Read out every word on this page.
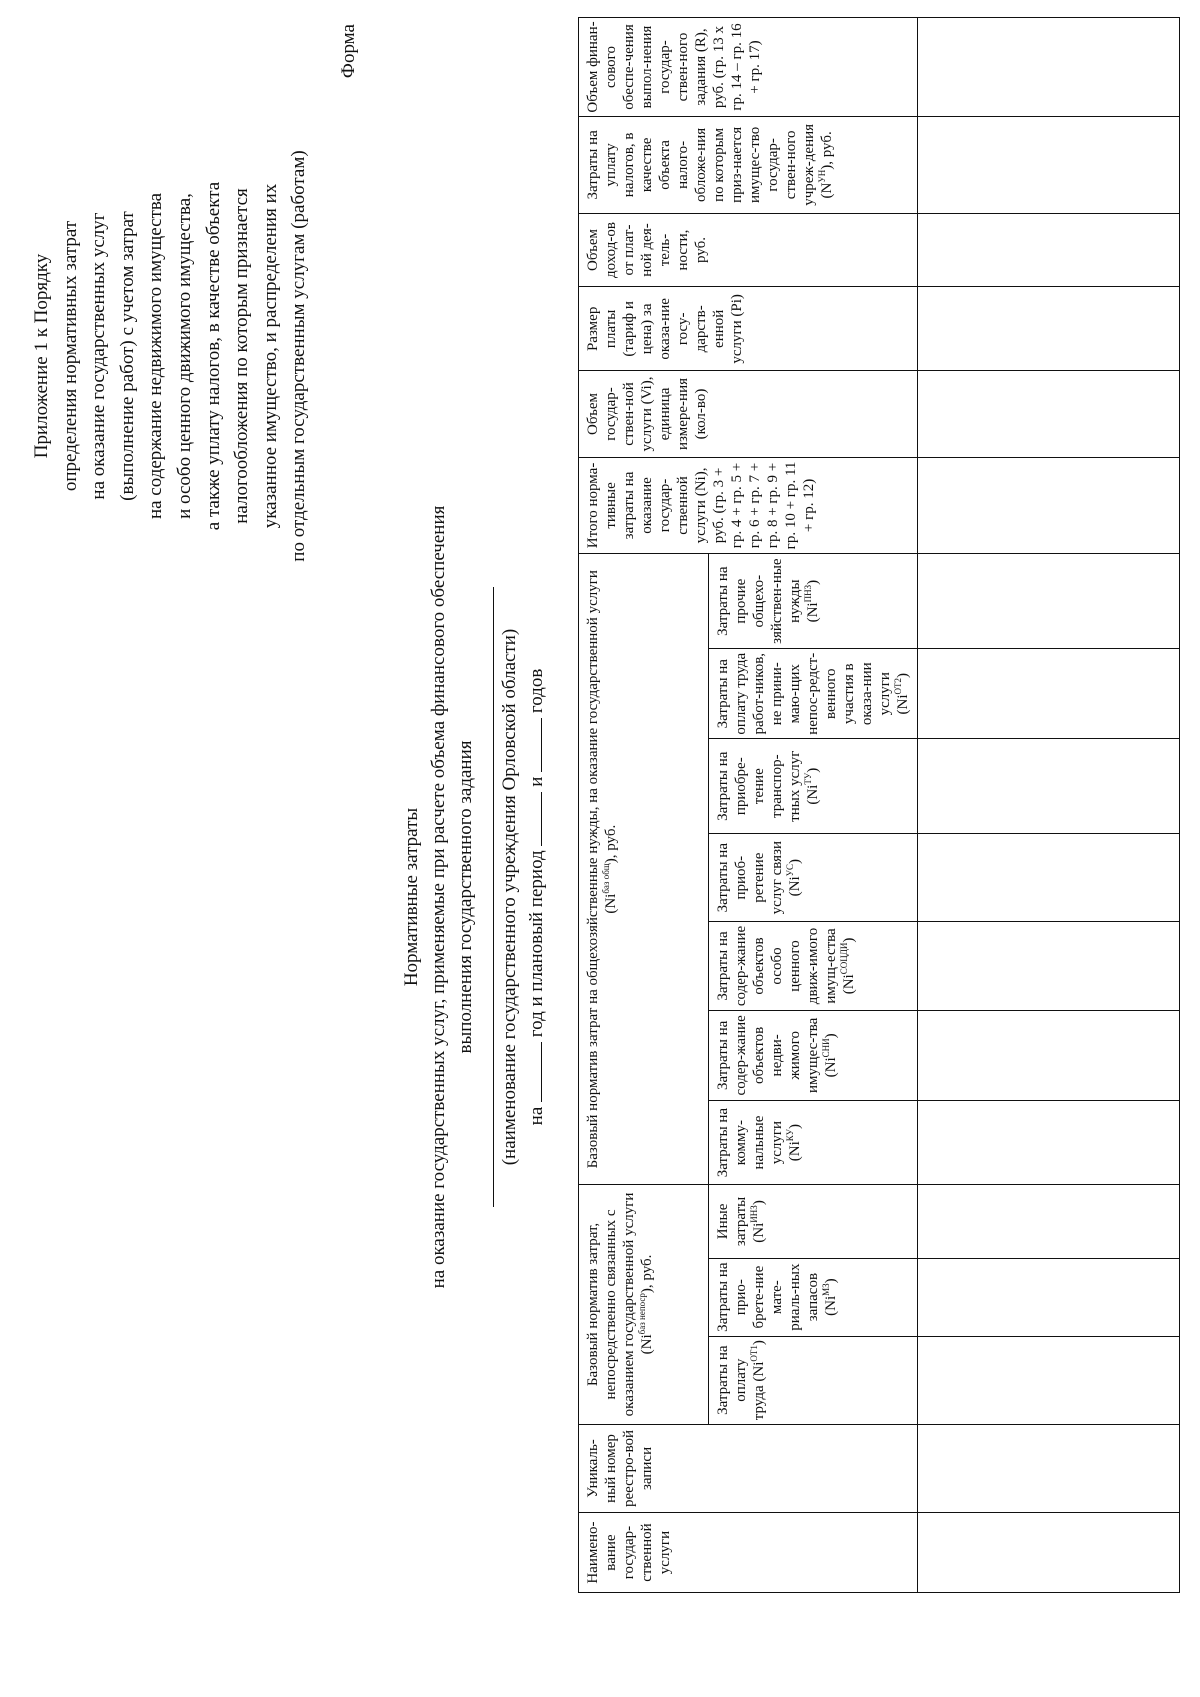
Приложение 1 к Порядку определения нормативных затрат на оказание государственных услуг (выполнение работ) с учетом затрат на содержание недвижимого имущества и особо ценного движимого имущества, а также уплату налогов, в качестве объекта налогообложения по которым признается указанное имущество, и распределения их по отдельным государственным услугам (работам)
Форма
Нормативные затраты на оказание государственных услуг, применяемые при расчете объема финансового обеспечения выполнения государственного задания (наименование государственного учреждения Орловской области) на  год и плановый период  и  годов
Наимено-вание государ-ственной услуги	Уникаль-ный номер реестро-вой записи	Базовый норматив затрат, непосредственно связанных с оказанием государственной услуги $(Ni^{баз непоср})$, руб.			Базовый норматив затрат на общехозяйственные нужды, на оказание государственной услуги $(Ni^{баз общ})$, руб.							Итого норма-тивные затраты на оказание государ-ственной услуги (Ni), руб. (гр. 3 + гр. 4 + гр. 5 + гр. 6 + гр. 7 + гр. 8 + гр. 9 + гр. 10 + гр. 11 + гр. 12)	Объем государ-ствен-ной услуги (Vi), единица измере-ния (кол-во)	Размер платы (тариф и цена) за оказа-ние госу-дарств-енной услуги (Pi)	Объем доход-ов от плат-ной дея-тель-ности, руб.	Затраты на уплату налогов, в качестве объекта налого-обложе-ния по которым приз-нается имущес-тво государ-ствен-ного учреж-дения $(N^{УН})$, руб.	Объем финан-сового обеспе-чения выпол-нения государ-ствен-ного задания (R), руб. (гр. 13 x гр. 14 – гр. 16 + гр. 17)
		Затраты на оплату труда $(Ni^{ОТ1})$	Затраты на прио-брете-ние мате-риаль-ных запасов $(Ni^{МЗ})$	Иные затраты $(Ni^{ИНЗ})$	Затраты на комму-нальные услуги $(Ni^{КУ})$	Затраты на содер-жание объектов недви-жимого имущес-тва $(Ni^{СНИ})$	Затраты на содер-жание объектов особо ценного движ-имого имущ-ества $(Ni^{СОЦДИ})$	Затраты на приоб-ретение услуг связи $(Ni^{УС})$	Затраты на приобре-тение транспор-тных услуг $(Ni^{ТУ})$	Затраты на оплату труда работ-ников, не прини-маю-щих непос-редст-венного участия в оказа-нии услуги $(Ni^{ОТ2})$	Затраты на прочие общехо-зяйствен-ные нужды $(Ni^{ПНЗ})$						
